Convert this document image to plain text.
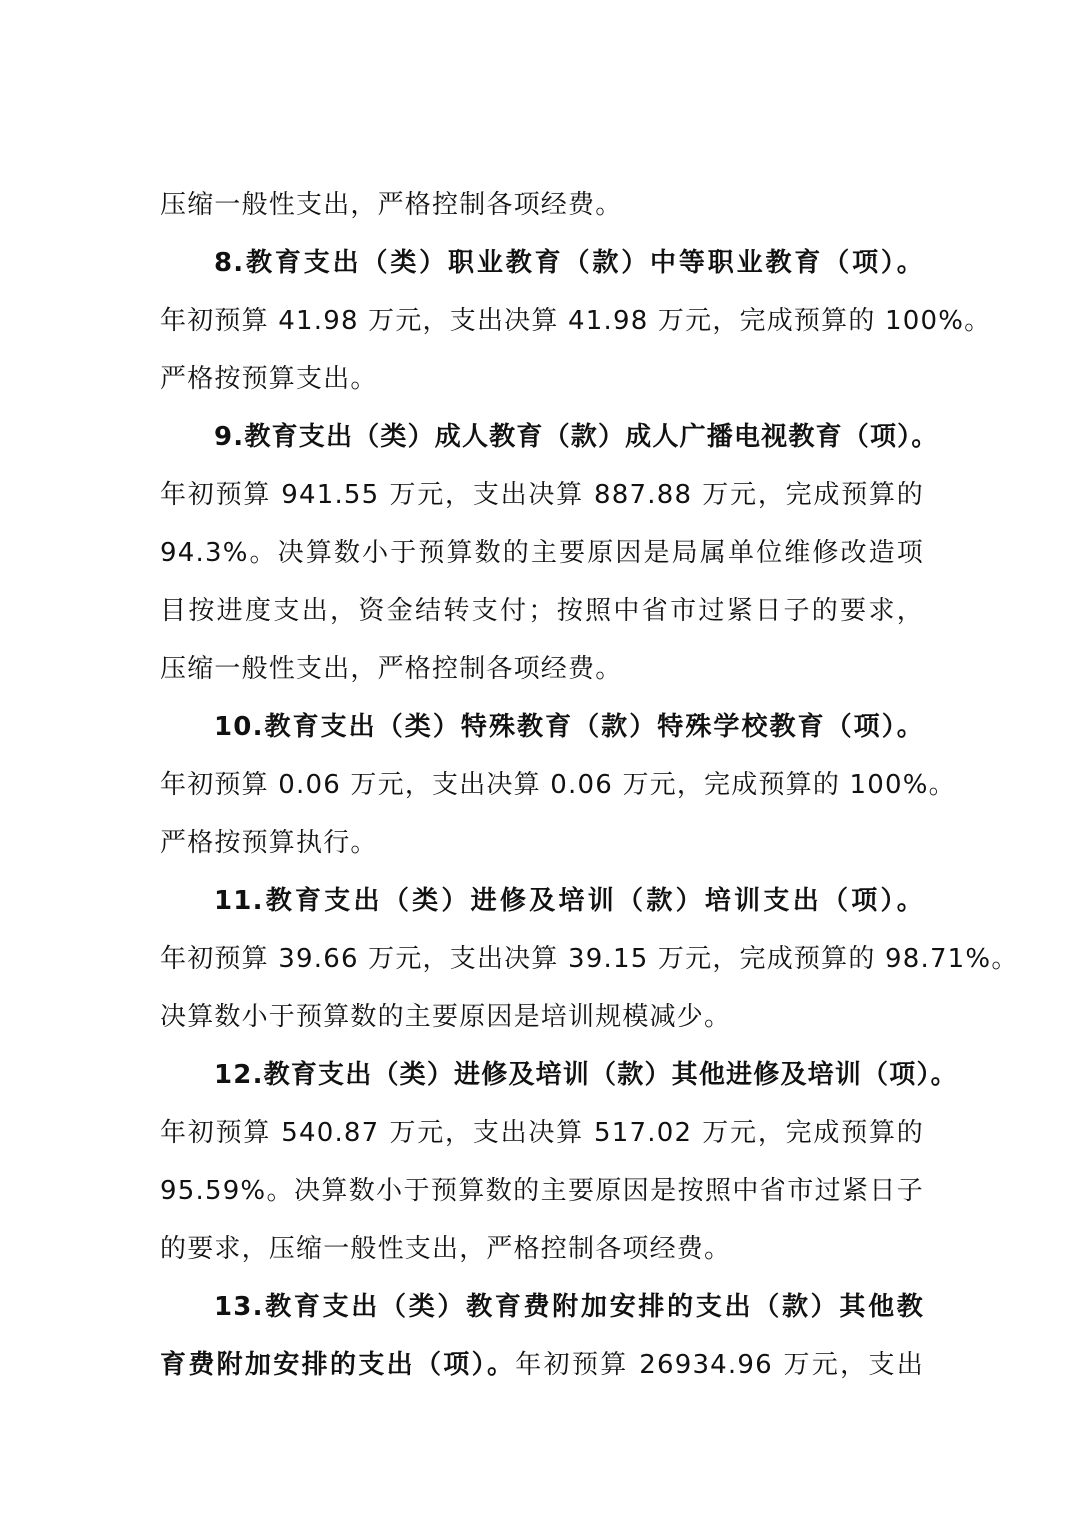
压缩一般性支出，严格控制各项经费。
8.教育支出（类）职业教育（款）中等职业教育（项）。
年初预算 41.98 万元，支出决算 41.98 万元，完成预算的 100%。
严格按预算支出。
9.教育支出（类）成人教育（款）成人广播电视教育（项）。
年初预算 941.55 万元，支出决算 887.88 万元，完成预算的
94.3%。决算数小于预算数的主要原因是局属单位维修改造项
目按进度支出，资金结转支付；按照中省市过紧日子的要求，
压缩一般性支出，严格控制各项经费。
10.教育支出（类）特殊教育（款）特殊学校教育（项）。
年初预算 0.06 万元，支出决算 0.06 万元，完成预算的 100%。
严格按预算执行。
11.教育支出（类）进修及培训（款）培训支出（项）。
年初预算 39.66 万元，支出决算 39.15 万元，完成预算的 98.71%。
决算数小于预算数的主要原因是培训规模减少。
12.教育支出（类）进修及培训（款）其他进修及培训（项）。
年初预算 540.87 万元，支出决算 517.02 万元，完成预算的
95.59%。决算数小于预算数的主要原因是按照中省市过紧日子
的要求，压缩一般性支出，严格控制各项经费。
13.教育支出（类）教育费附加安排的支出（款）其他教
育费附加安排的支出（项）。年初预算 26934.96 万元，支出
